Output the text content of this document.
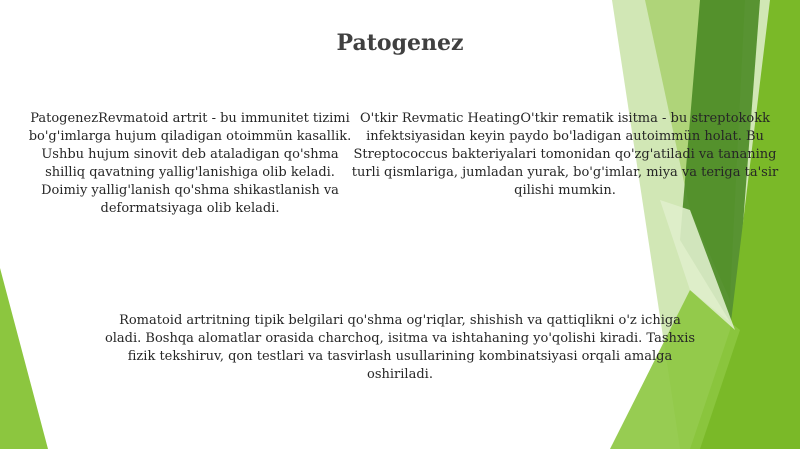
Patogenez
PatogenezRevmatoid artrit - bu immunitet tizimi bo'g'imlarga hujum qiladigan otoimmün kasallik. Ushbu hujum sinovit deb ataladigan qo'shma shilliq qavatning yallig'lanishiga olib keladi. Doimiy yallig'lanish qo'shma shikastlanish va deformatsiyaga olib keladi.
O'tkir Revmatic HeatingO'tkir rematik isitma - bu streptokokk infektsiyasidan keyin paydo bo'ladigan autoimmün holat. Bu Streptococcus bakteriyalari tomonidan qo'zg'atiladi va tananing turli qismlariga, jumladan yurak, bo'g'imlar, miya va teriga ta'sir qilishi mumkin.
Romatoid artritning tipik belgilari qo'shma og'riqlar, shishish va qattiqlikni o'z ichiga oladi. Boshqa alomatlar orasida charchoq, isitma va ishtahaning yo'qolishi kiradi. Tashxis fizik tekshiruv, qon testlari va tasvirlash usullarining kombinatsiyasi orqali amalga oshiriladi.
